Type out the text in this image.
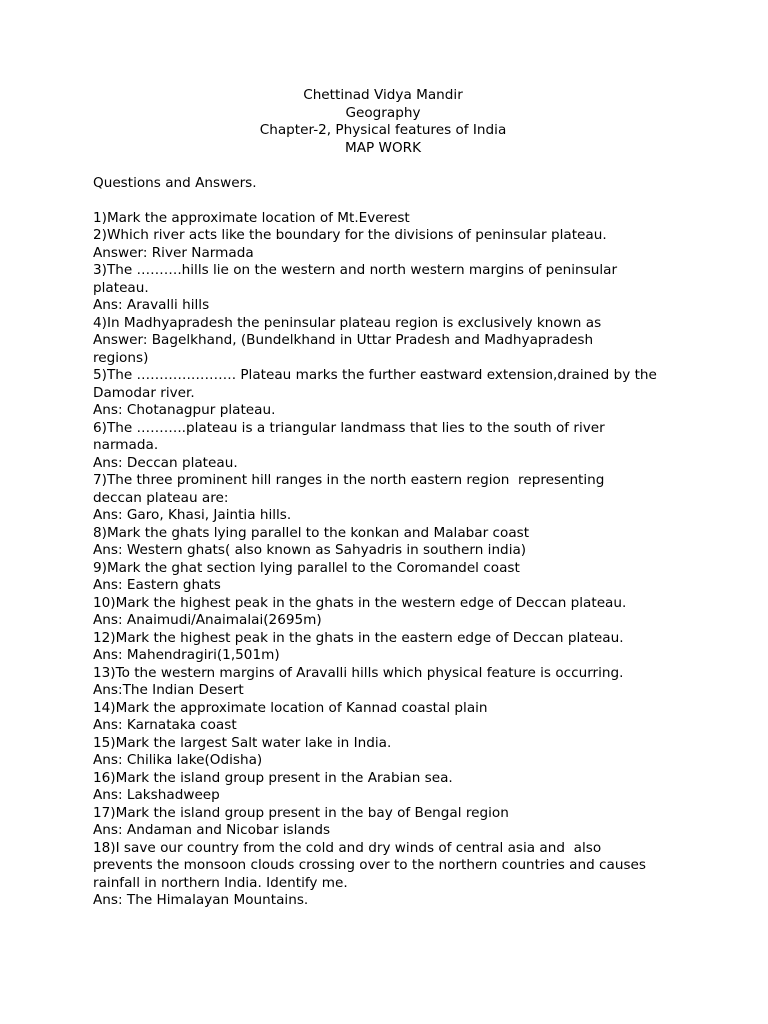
Chettinad Vidya Mandir
Geography
Chapter-2, Physical features of India
MAP WORK
Questions and Answers.
1)Mark the approximate location of Mt.Everest
2)Which river acts like the boundary for the divisions of peninsular plateau.
Answer: River Narmada
3)The ……….hills lie on the western and north western margins of peninsular
plateau.
Ans: Aravalli hills
4)In Madhyapradesh the peninsular plateau region is exclusively known as
Answer: Bagelkhand, (Bundelkhand in Uttar Pradesh and Madhyapradesh
regions)
5)The …………………. Plateau marks the further eastward extension,drained by the
Damodar river.
Ans: Chotanagpur plateau.
6)The ………..plateau is a triangular landmass that lies to the south of river
narmada.
Ans: Deccan plateau.
7)The three prominent hill ranges in the north eastern region  representing
deccan plateau are:
Ans: Garo, Khasi, Jaintia hills.
8)Mark the ghats lying parallel to the konkan and Malabar coast
Ans: Western ghats( also known as Sahyadris in southern india)
9)Mark the ghat section lying parallel to the Coromandel coast
Ans: Eastern ghats
10)Mark the highest peak in the ghats in the western edge of Deccan plateau.
Ans: Anaimudi/Anaimalai(2695m)
12)Mark the highest peak in the ghats in the eastern edge of Deccan plateau.
Ans: Mahendragiri(1,501m)
13)To the western margins of Aravalli hills which physical feature is occurring.
Ans:The Indian Desert
14)Mark the approximate location of Kannad coastal plain
Ans: Karnataka coast
15)Mark the largest Salt water lake in India.
Ans: Chilika lake(Odisha)
16)Mark the island group present in the Arabian sea.
Ans: Lakshadweep
17)Mark the island group present in the bay of Bengal region
Ans: Andaman and Nicobar islands
18)I save our country from the cold and dry winds of central asia and  also
prevents the monsoon clouds crossing over to the northern countries and causes
rainfall in northern India. Identify me.
Ans: The Himalayan Mountains.
